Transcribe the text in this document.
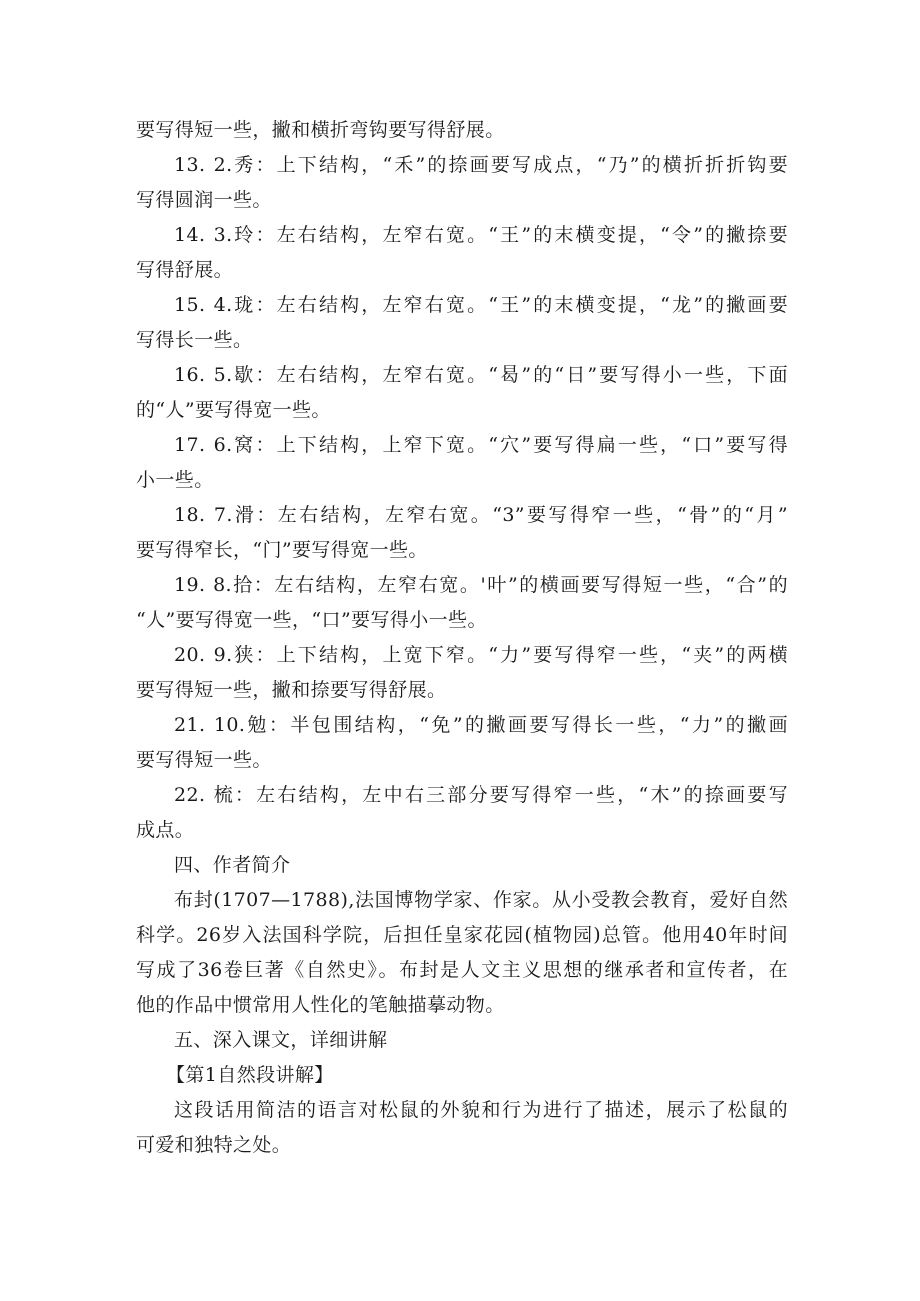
要写得短一些，撇和横折弯钩要写得舒展。
13. 2.秀：上下结构，“禾”的捺画要写成点，“乃”的横折折折钩要
写得圆润一些。
14. 3.玲：左右结构，左窄右宽。“王”的末横变提，“令”的撇捺要
写得舒展。
15. 4.珑：左右结构，左窄右宽。“王”的末横变提，“龙”的撇画要
写得长一些。
16. 5.歇：左右结构，左窄右宽。“曷”的“日”要写得小一些，下面
的“人”要写得宽一些。
17. 6.窝：上下结构，上窄下宽。“穴”要写得扁一些，“口”要写得
小一些。
18. 7.滑：左右结构，左窄右宽。“3”要写得窄一些，“骨”的“月”
要写得窄长，“门”要写得宽一些。
19. 8.拾：左右结构，左窄右宽。'叶”的横画要写得短一些，“合”的
“人”要写得宽一些，“口”要写得小一些。
20. 9.狭：上下结构，上宽下窄。“力”要写得窄一些，“夹”的两横
要写得短一些，撇和捺要写得舒展。
21. 10.勉：半包围结构，“免”的撇画要写得长一些，“力”的撇画
要写得短一些。
22. 梳：左右结构，左中右三部分要写得窄一些，“木”的捺画要写
成点。
四、作者简介
布封(1707—1788),法国博物学家、作家。从小受教会教育，爱好自然
科学。26岁入法国科学院，后担任皇家花园(植物园)总管。他用40年时间
写成了36卷巨著《自然史》。布封是人文主义思想的继承者和宣传者，在
他的作品中惯常用人性化的笔触描摹动物。
五、深入课文，详细讲解
【第1自然段讲解】
这段话用简洁的语言对松鼠的外貌和行为进行了描述，展示了松鼠的
可爱和独特之处。
